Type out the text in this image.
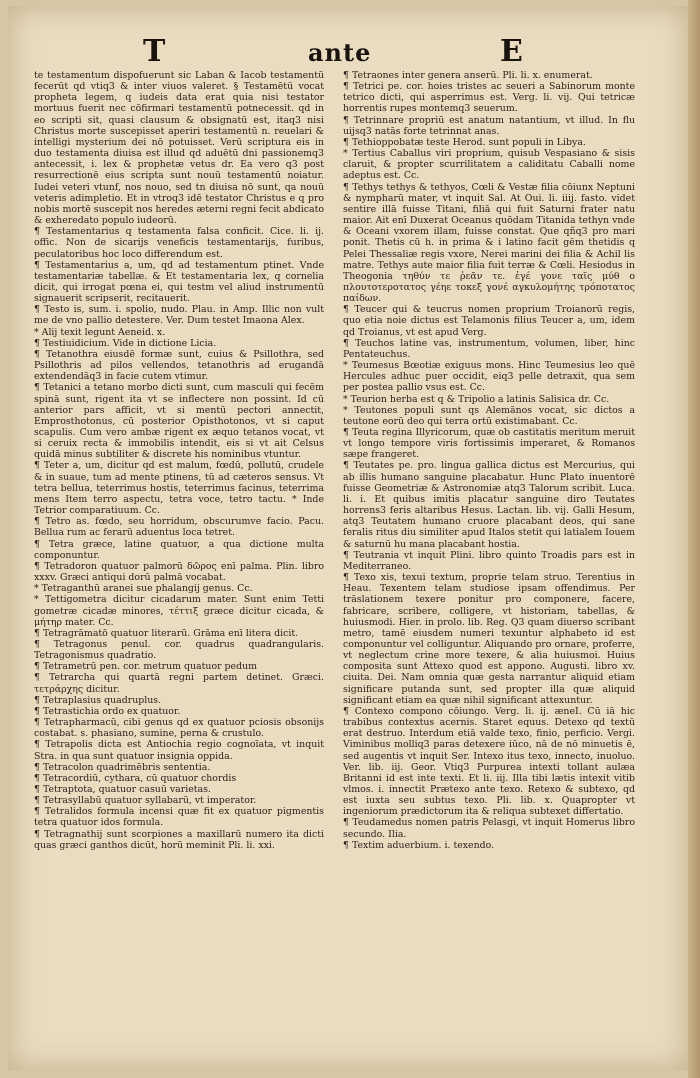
T	ante	E

te testamentum dispofuerunt sic Laban & Iacob testamentū fecerūt qd vtiq3 & inter viuos valeret. § Testamētū vocat propheta legem, q iudeis data erat quia nisi testator mortuus fuerit nec cōfirmari testamentū potnecessit. qd in eo scripti sit, quasi clausum & obsignatū est, itaq3 nisi Christus morte suscepisset aperiri testamentū n. reuelari & intelligi mysterium dei nō potuisset. Verū scriptura eis in duo testamenta diuisa est illud qd aduētū dni passionemq3 antecessit, i. lex & prophetæ vetus dr. Ea vero q3 post resurrectionē eius scripta sunt nouū testamentū noiatur. Iudei veteri vtunf, nos nouo, sed tn diuisa nō sunt, qa nouū veteris adimpletio. Et in vtroq3 idē testator Christus e q pro nobis mortē suscepit nos heredes æterni regni fecit abdicato & exheredato populo iudeorū.

¶ Testamentarius q testamenta falsa conficit. Cice. li. ij. offic. Non de sicarijs veneficis testamentarijs, furibus, peculatoribus hoc loco differendum est.

¶ Testamentarius a, um, qd ad testamentum ptinet. Vnde testamentariæ tabellæ. & Et testamentaria lex, q cornelia dicit, qui irrogat pœna ei, qui testm vel aliud instrumentū signauerit scripserit, recitauerit.

¶ Testo is, sum. i. spolio, nudo. Plau. in Amp. Illic non vult me de vno pallio detestere. Ver. Dum testet Imaona Alex.

* Alij texit legunt Aeneid. x.

¶ Testiuidicium. Vide in dictione Licia.

¶ Tetanothra eiusdē formæ sunt, cuius & Psillothra, sed Psillothris ad pilos vellendos, tetanothris ad erugandā extendendāq3 in facie cutem vtimur.

¶ Tetanici a tetano morbo dicti sunt, cum masculi qui fecēm spinā sunt, rigent ita vt se inflectere non possint. Id cū anterior pars afficit, vt si mentū pectori annectit, Emprosthotonus, cū posterior Opisthotonos, vt si caput scapulis. Cum vero ambæ rigent ex æquo tetanos vocat, vt si ceruix recta & immobilis intendit, eis si vt ait Celsus quidā minus subtiliter & discrete his nominibus vtuntur.

¶ Teter a, um, dicitur qd est malum, fœdū, pollutū, crudele & in suaue, tum ad mente ptinens, tū ad cæteros sensus. Vt tetra bellua, teterrimus hostis, teterrimus facinus, teterrima mens Item terro aspectu, tetra voce, tetro tactu. * Inde Tetrior comparatiuum. Cc.

¶ Tetro as. fœdo, seu horridum, obscurumve facio. Pacu. Bellua rum ac ferarū aduentus loca tetret.

¶ Tetra græce, latine quatuor, a qua dictione multa componuntur.

¶ Tetradoron quatuor palmorū δῶρος enī palma. Plin. libro xxxv. Græci antiqui dorū palmā vocabat.

* Tetraganthū aranei sue phalangij genus. Cc.

* Tettigometra dicitur cicadarum mater. Sunt enim Tetti gometræ cicadæ minores, τέττιξ græce dicitur cicada, & μήτηρ mater. Cc.

¶ Tetragrāmatō quatuor literarū. Grāma enī litera dicit.

¶ Tetragonus penul. cor. quadrus quadrangularis. Tetragonismus quadratio.

¶ Tetrametrū pen. cor. metrum quatuor pedum

¶ Tetrarcha qui quartā regni partem detinet. Græci. τετράρχης dicitur.

¶ Tetraplasius quadruplus.

¶ Tetrastichia ordo ex quatuor.

¶ Tetrapharmacū, cibi genus qd ex quatuor pciosis obsonijs costabat. s. phasiano, sumine, perna & crustulo.

¶ Tetrapolis dicta est Antiochia regio cognoīata, vt inquit Stra. in qua sunt quatuor insignia oppida.

¶ Tetracolon quadrimēbris sententia.

¶ Tetracordiū, cythara, cū quatuor chordis

¶ Tetraptota, quatuor casuū varietas.

¶ Tetrasyllabū quatuor syllabarū, vt imperator.

¶ Tetralidos formula incensi quæ fit ex quatuor pigmentis tetra quatuor idos formula.

¶ Tetragnathij sunt scorpiones a maxillarū numero ita dicti quas græci ganthos dicūt, horū meminit Pli. li. xxi.

¶ Tetraones inter genera anserū. Pli. li. x. enumerat.

¶ Tetrici pe. cor. hoies tristes ac seueri a Sabinorum monte tetrico dicti, qui asperrimus est. Verg. li. vij. Qui tetricæ horrentis rupes montemq3 seuerum.

¶ Tetrinnare propriū est anatum natantium, vt illud. In flu uijsq3 natās forte tetrinnat anas.

¶ Tethioppobatæ teste Herod. sunt populi in Libya.

* Tertius Caballus viri proprium, quisub Vespasiano & sisis claruit, & propter scurrilitatem a caliditatu Caballi nome adeptus est. Cc.

¶ Tethys tethys & tethyos, Cœli & Vestæ filia cōiunx Neptuni & nympharū mater, vt inquit Sal. At Oui. li. iiij. fasto. videt sentire illā fuisse Titani, filiā qui fuit Saturni frater natu maior. Ait enī Duxerat Oceanus quōdam Titanida tethyn vnde & Oceani vxorem illam, fuisse constat. Que qñq3 pro mari ponit. Thetis cū h. in prima & i latino facit gēm thetidis q Pelei Thessaliæ regis vxore, Nerei marini dei filia & Achil lis matre. Tethys aute maior filia fuit terræ & Cœli. Hesiodus in Theogonia τηθύν τε ῥεᾶν τε. ἐγέ γονε ταῖς μύθ ο πλουτοτεροτατος γέηε τοκεξ γονέ αγκυλομήτης τρόποτατος παίδων.

¶ Teucer qui & teucrus nomen proprium Troianorū regis, quo etia noie dictus est Telamonis filius Teucer a, um, idem qd Troianus, vt est apud Verg.

¶ Teuchos latine vas, instrumentum, volumen, liber, hinc Pentateuchus.

* Teumesus Bœotiæ exiguus mons. Hinc Teumesius leo quē Hercules adhuc puer occidit, eiq3 pelle detraxit, qua sem per postea pallio vsus est. Cc.

* Teurion herba est q & Tripolio a latinis Salisica dr. Cc.

* Teutones populi sunt qs Alemānos vocat, sic dictos a teutone eorū deo qui terra ortū existimabant. Cc.

¶ Teuta regina Illyricorum, quæ ob castitatis meritum meruit vt longo tempore viris fortissimis imperaret, & Romanos sæpe frangeret.

¶ Teutates pe. pro. lingua gallica dictus est Mercurius, qui ab illis humano sanguine placabatur. Hunc Plato inuentorē fuisse Geometriæ & Astronomiæ atq3 Talorum scribit. Luca. li. i. Et quibus imitis placatur sanguine diro Teutates horrens3 feris altaribus Hesus. Lactan. lib. vij. Galli Hesum, atq3 Teutatem humano cruore placabant deos, qui sane feralis ritus diu similiter apud Italos stetit qui latialem Iouem & saturnū hu mana placabant hostia.

¶ Teutrania vt inquit Plini. libro quinto Troadis pars est in Mediterraneo.

¶ Texo xis, texui textum, proprie telam struo. Terentius in Heau. Texentem telam studiose ipsam offendimus. Per trāslationem texere ponitur pro componere, facere, fabricare, scribere, colligere, vt historiam, tabellas, & huiusmodi. Hier. in prolo. lib. Reg. Q3 quam diuerso scribant metro, tamē eiusdem numeri texuntur alphabeto id est componuntur vel colliguntur. Aliquando pro ornare, proferre, vt neglectum crine more texere, & alia huiusmoi. Huius composita sunt Attexo quod est appono. Augusti. libro xv. ciuita. Dei. Nam omnia quæ gesta narrantur aliquid etiam significare putanda sunt, sed propter illa quæ aliquid significant etiam ea quæ nihil significant attexuntur.

¶ Contexo compono cōiungo. Verg. li. ij. æneI. Cū iā hic trabibus contextus acernis. Staret equus. Detexo qd textū erat destruo. Interdum etiā valde texo, finio, perficio. Vergi. Viminibus molliq3 paras detexere iūco, nā de nō minuetis ē, sed augentis vt inquit Ser. Intexo itus texo, innecto, inuoluo. Ver. lib. iij. Geor. Vtiq3 Purpurea intexti tollant aulæa Britanni id est inte texti. Et li. iij. Illa tibi lætis intexit vitib vlmos. i. innectit Prætexo ante texo. Retexo & subtexo, qd est iuxta seu subtus texo. Pli. lib. x. Quapropter vt ingeniorum prædictorum ita & reliqua subtexet differtatio.

¶ Teudamedus nomen patris Pelasgi, vt inquit Homerus libro secundo. Ilia.

¶ Textim aduerbium. i. texendo.
